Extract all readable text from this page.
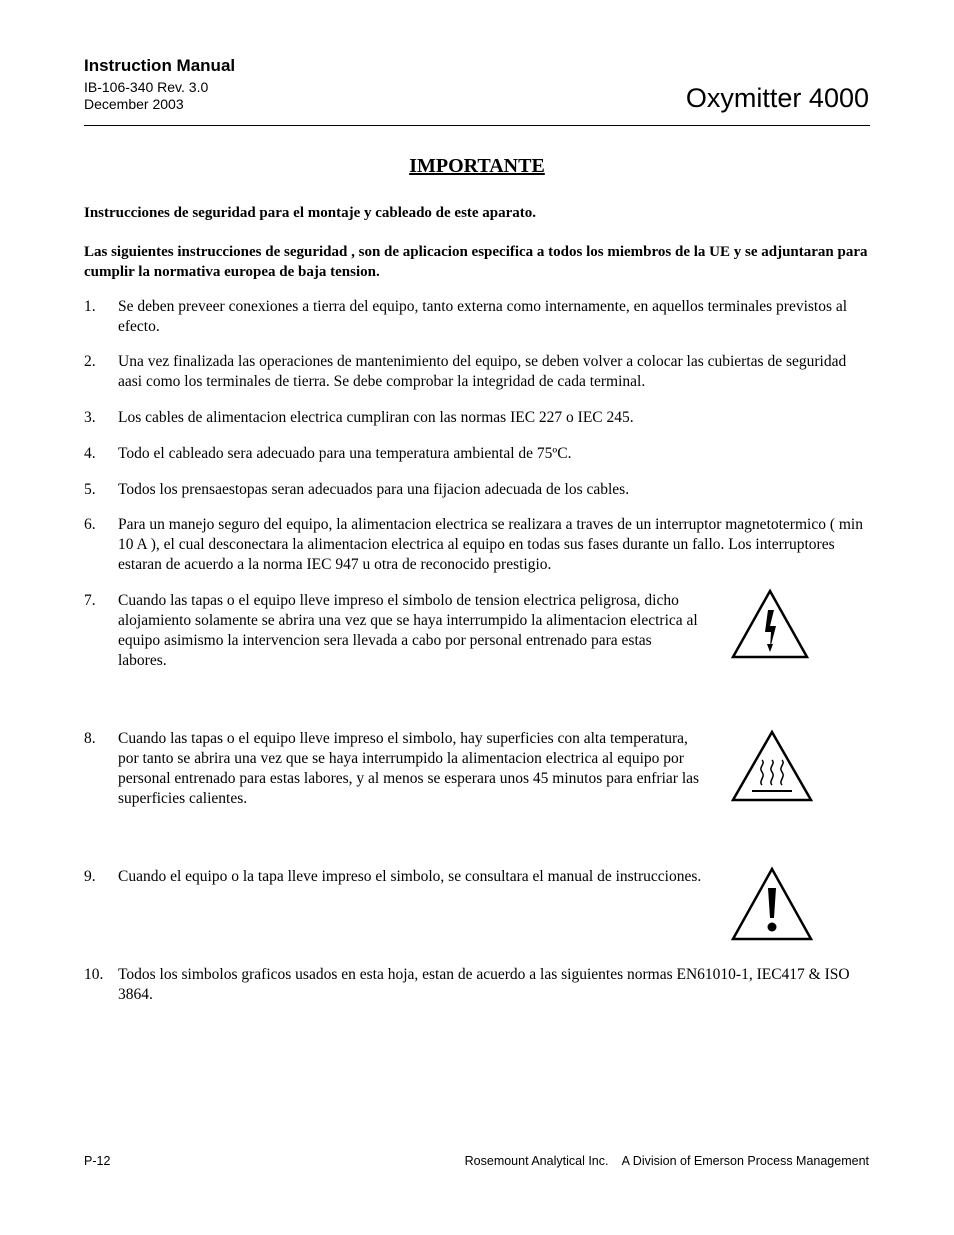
Instruction Manual
IB-106-340 Rev. 3.0
December 2003	Oxymitter 4000
IMPORTANTE
Instrucciones de seguridad para el montaje y cableado de este aparato.
Las siguientes instrucciones de seguridad , son de aplicacion especifica a todos los miembros de la UE y se adjuntaran para cumplir la normativa europea de baja tension.
1. Se deben preveer conexiones a tierra del equipo, tanto externa como internamente, en aquellos terminales previstos al efecto.
2. Una vez finalizada las operaciones de mantenimiento del equipo, se deben volver a colocar las cubiertas de seguridad aasi como los terminales de tierra. Se debe comprobar la integridad de cada terminal.
3. Los cables de alimentacion electrica cumpliran con las normas IEC 227 o IEC 245.
4. Todo el cableado sera adecuado para una temperatura ambiental de 75ºC.
5. Todos los prensaestopas seran adecuados para una fijacion adecuada de los cables.
6. Para un manejo seguro del equipo, la alimentacion electrica se realizara a traves de un interruptor magnetotermico ( min 10 A ), el cual desconectara la alimentacion electrica al equipo en todas sus fases durante un fallo. Los interruptores estaran de acuerdo a la norma IEC 947 u otra de reconocido prestigio.
7. Cuando las tapas o el equipo lleve impreso el simbolo de tension electrica peligrosa, dicho alojamiento solamente se abrira una vez que se haya interrumpido la alimentacion electrica al equipo asimismo la intervencion sera llevada a cabo por personal entrenado para estas labores.
8. Cuando las tapas o el equipo lleve impreso el simbolo, hay superficies con alta temperatura, por tanto se abrira una vez que se haya interrumpido la alimentacion electrica al equipo por personal entrenado para estas labores, y al menos se esperara unos 45 minutos para enfriar las superficies calientes.
9. Cuando el equipo o la tapa lleve impreso el simbolo, se consultara el manual de instrucciones.
10. Todos los simbolos graficos usados en esta hoja, estan de acuerdo a las siguientes normas EN61010-1, IEC417 & ISO 3864.
P-12	Rosemount Analytical Inc.    A Division of Emerson Process Management
